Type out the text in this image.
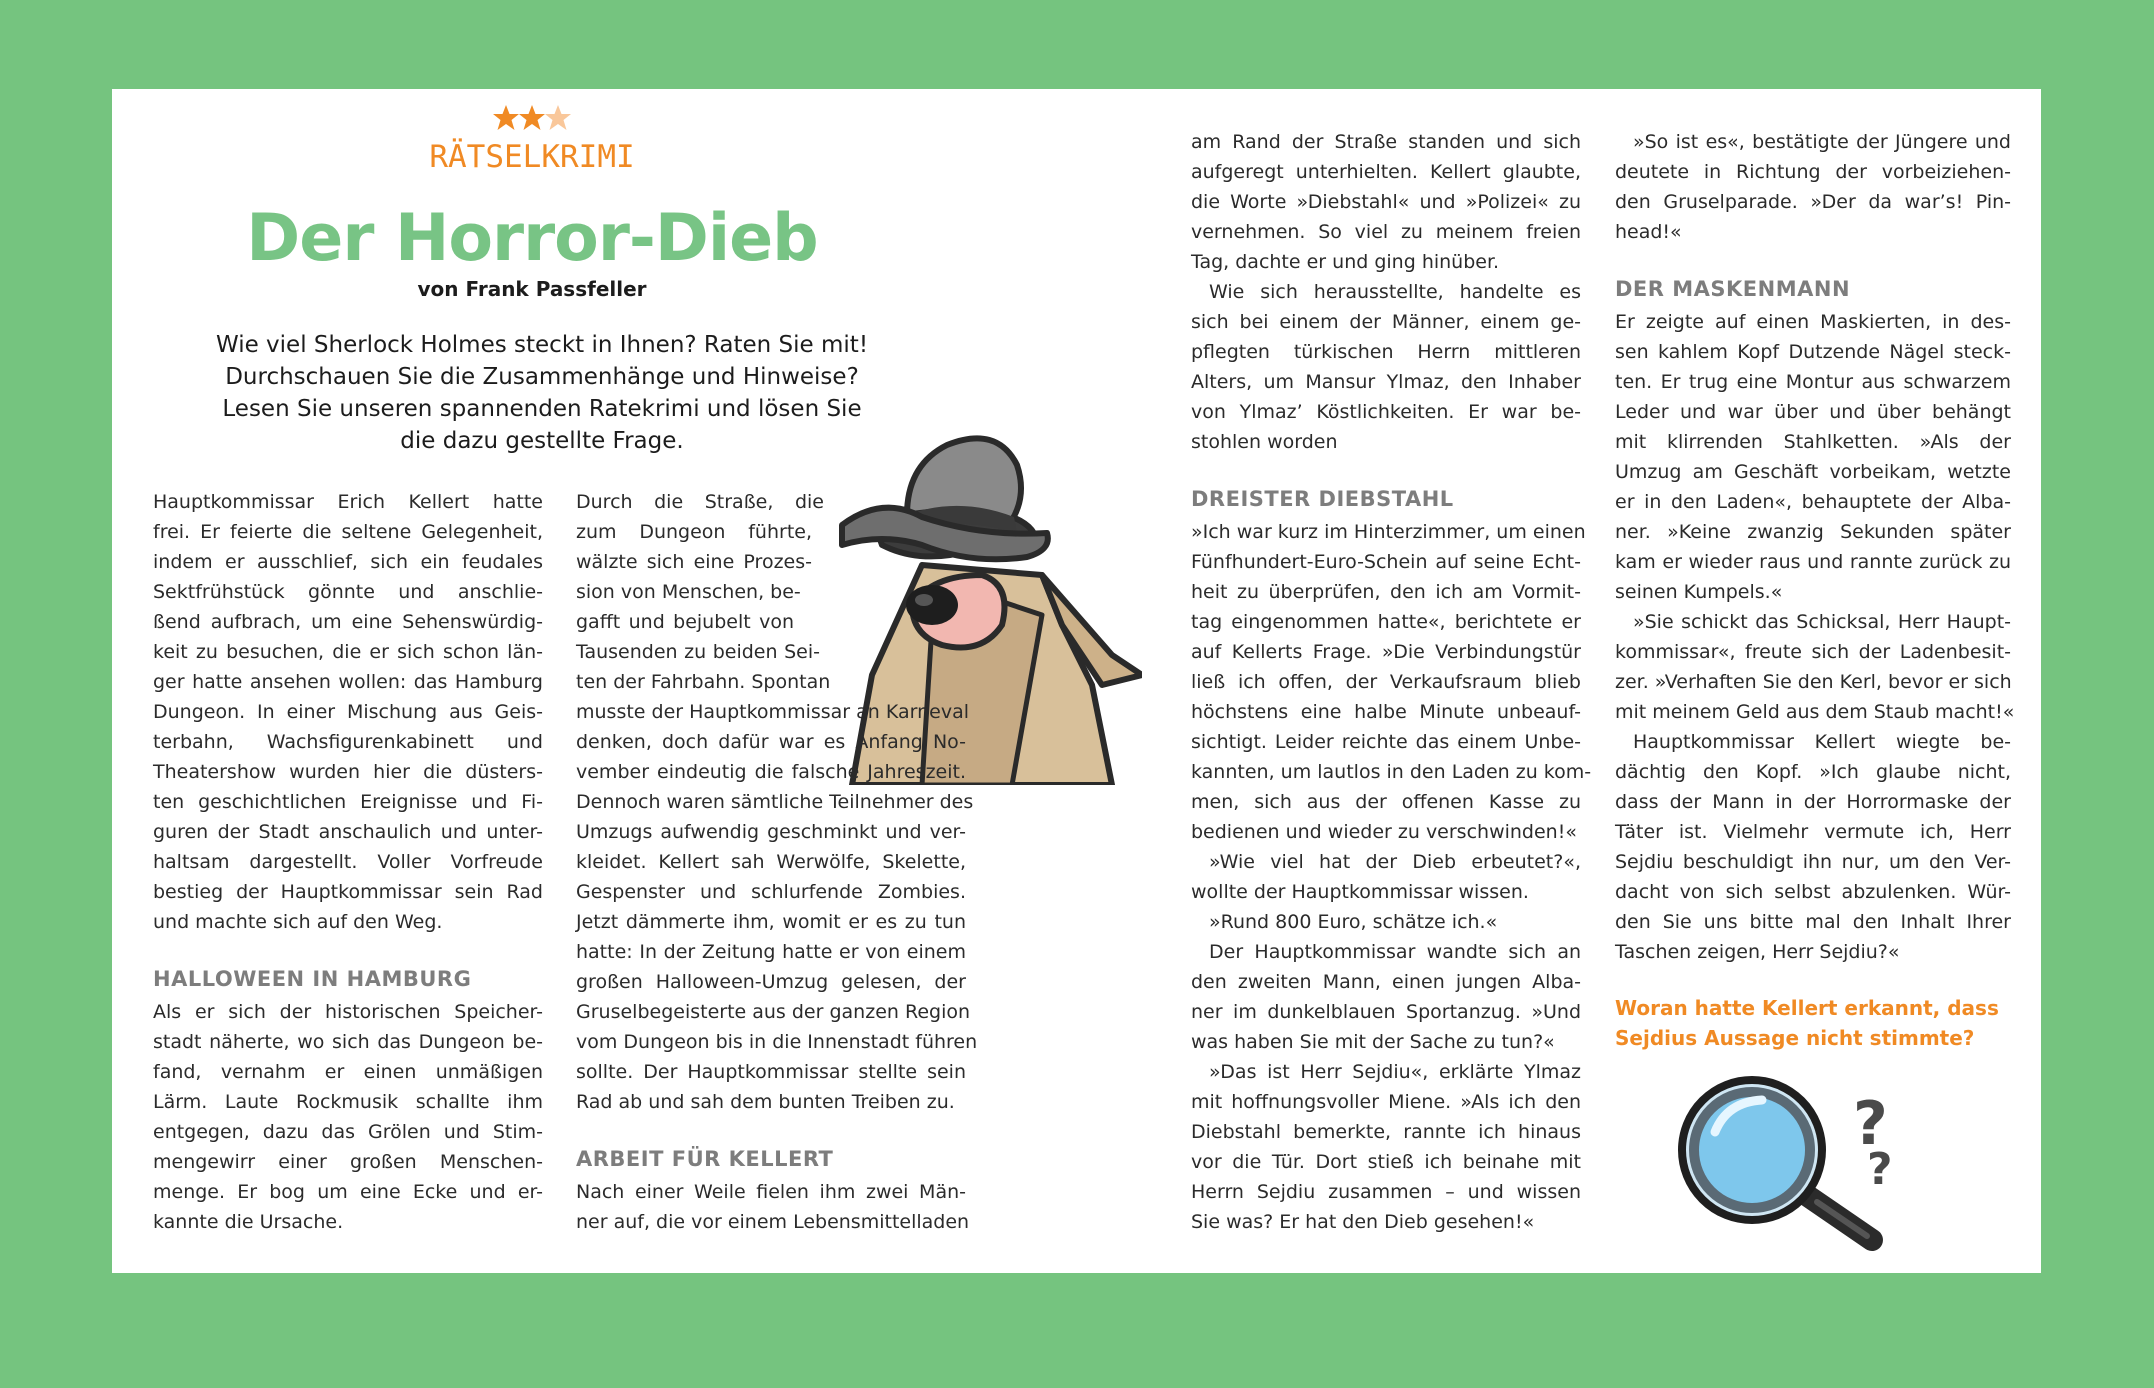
RÄTSELKRIMI
Der Horror-Dieb
von Frank Passfeller
Wie viel Sherlock Holmes steckt in Ihnen? Raten Sie mit!
Durchschauen Sie die Zusammenhänge und Hinweise?
Lesen Sie unseren spannenden Ratekrimi und lösen Sie
die dazu gestellte Frage.
Hauptkommissar Erich Kellert hatte
frei. Er feierte die seltene Gelegenheit,
indem er ausschlief, sich ein feudales
Sektfrühstück gönnte und anschlie-
ßend aufbrach, um eine Sehenswürdig-
keit zu besuchen, die er sich schon län-
ger hatte ansehen wollen: das Hamburg
Dungeon. In einer Mischung aus Geis-
terbahn, Wachsfigurenkabinett und
Theatershow wurden hier die düsters-
ten geschichtlichen Ereignisse und Fi-
guren der Stadt anschaulich und unter-
haltsam dargestellt. Voller Vorfreude
bestieg der Hauptkommissar sein Rad
und machte sich auf den Weg.
HALLOWEEN IN HAMBURG
Als er sich der historischen Speicher-
stadt näherte, wo sich das Dungeon be-
fand, vernahm er einen unmäßigen
Lärm. Laute Rockmusik schallte ihm
entgegen, dazu das Grölen und Stim-
mengewirr einer großen Menschen-
menge. Er bog um eine Ecke und er-
kannte die Ursache.
Durch die Straße, die
zum Dungeon führte,
wälzte sich eine Prozes-
sion von Menschen, be-
gafft und bejubelt von
Tausenden zu beiden Sei-
ten der Fahrbahn. Spontan
musste der Hauptkommissar an Karneval
denken, doch dafür war es Anfang No-
vember eindeutig die falsche Jahreszeit.
Dennoch waren sämtliche Teilnehmer des
Umzugs aufwendig geschminkt und ver-
kleidet. Kellert sah Werwölfe, Skelette,
Gespenster und schlurfende Zombies.
Jetzt dämmerte ihm, womit er es zu tun
hatte: In der Zeitung hatte er von einem
großen Halloween-Umzug gelesen, der
Gruselbegeisterte aus der ganzen Region
vom Dungeon bis in die Innenstadt führen
sollte. Der Hauptkommissar stellte sein
Rad ab und sah dem bunten Treiben zu.
ARBEIT FÜR KELLERT
Nach einer Weile fielen ihm zwei Män-
ner auf, die vor einem Lebensmittelladen
am Rand der Straße standen und sich
aufgeregt unterhielten. Kellert glaubte,
die Worte »Diebstahl« und »Polizei« zu
vernehmen. So viel zu meinem freien
Tag, dachte er und ging hinüber.
Wie sich herausstellte, handelte es
sich bei einem der Männer, einem ge-
pflegten türkischen Herrn mittleren
Alters, um Mansur Ylmaz, den Inhaber
von Ylmaz’ Köstlichkeiten. Er war be-
stohlen worden
DREISTER DIEBSTAHL
»Ich war kurz im Hinterzimmer, um einen
Fünfhundert-Euro-Schein auf seine Echt-
heit zu überprüfen, den ich am Vormit-
tag eingenommen hatte«, berichtete er
auf Kellerts Frage. »Die Verbindungstür
ließ ich offen, der Verkaufsraum blieb
höchstens eine halbe Minute unbeauf-
sichtigt. Leider reichte das einem Unbe-
kannten, um lautlos in den Laden zu kom-
men, sich aus der offenen Kasse zu
bedienen und wieder zu verschwinden!«
»Wie viel hat der Dieb erbeutet?«,
wollte der Hauptkommissar wissen.
»Rund 800 Euro, schätze ich.«
Der Hauptkommissar wandte sich an
den zweiten Mann, einen jungen Alba-
ner im dunkelblauen Sportanzug. »Und
was haben Sie mit der Sache zu tun?«
»Das ist Herr Sejdiu«, erklärte Ylmaz
mit hoffnungsvoller Miene. »Als ich den
Diebstahl bemerkte, rannte ich hinaus
vor die Tür. Dort stieß ich beinahe mit
Herrn Sejdiu zusammen – und wissen
Sie was? Er hat den Dieb gesehen!«
»So ist es«, bestätigte der Jüngere und
deutete in Richtung der vorbeiziehen-
den Gruselparade. »Der da war’s! Pin-
head!«
DER MASKENMANN
Er zeigte auf einen Maskierten, in des-
sen kahlem Kopf Dutzende Nägel steck-
ten. Er trug eine Montur aus schwarzem
Leder und war über und über behängt
mit klirrenden Stahlketten. »Als der
Umzug am Geschäft vorbeikam, wetzte
er in den Laden«, behauptete der Alba-
ner. »Keine zwanzig Sekunden später
kam er wieder raus und rannte zurück zu
seinen Kumpels.«
»Sie schickt das Schicksal, Herr Haupt-
kommissar«, freute sich der Ladenbesit-
zer. »Verhaften Sie den Kerl, bevor er sich
mit meinem Geld aus dem Staub macht!«
Hauptkommissar Kellert wiegte be-
dächtig den Kopf. »Ich glaube nicht,
dass der Mann in der Horrormaske der
Täter ist. Vielmehr vermute ich, Herr
Sejdiu beschuldigt ihn nur, um den Ver-
dacht von sich selbst abzulenken. Wür-
den Sie uns bitte mal den Inhalt Ihrer
Taschen zeigen, Herr Sejdiu?«
Woran hatte Kellert erkannt, dass
Sejdius Aussage nicht stimmte?
?
?
